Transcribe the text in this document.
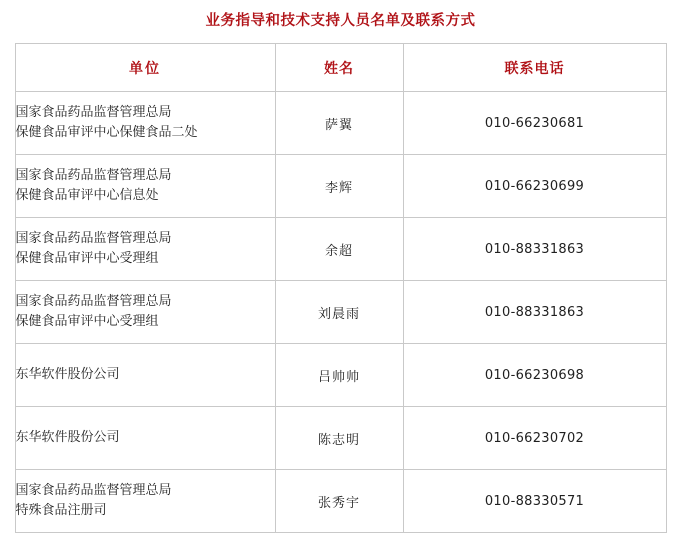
业务指导和技术支持人员名单及联系方式
单位	姓名	联系电话

国家食品药品监督管理总局
保健食品审评中心保健食品二处	萨翼	010-66230681

国家食品药品监督管理总局
保健食品审评中心信息处	李辉	010-66230699

国家食品药品监督管理总局
保健食品审评中心受理组	余超	010-88331863

国家食品药品监督管理总局
保健食品审评中心受理组	刘晨雨	010-88331863

东华软件股份公司	吕帅帅	010-66230698

东华软件股份公司	陈志明	010-66230702

国家食品药品监督管理总局
特殊食品注册司	张秀宇	010-88330571
